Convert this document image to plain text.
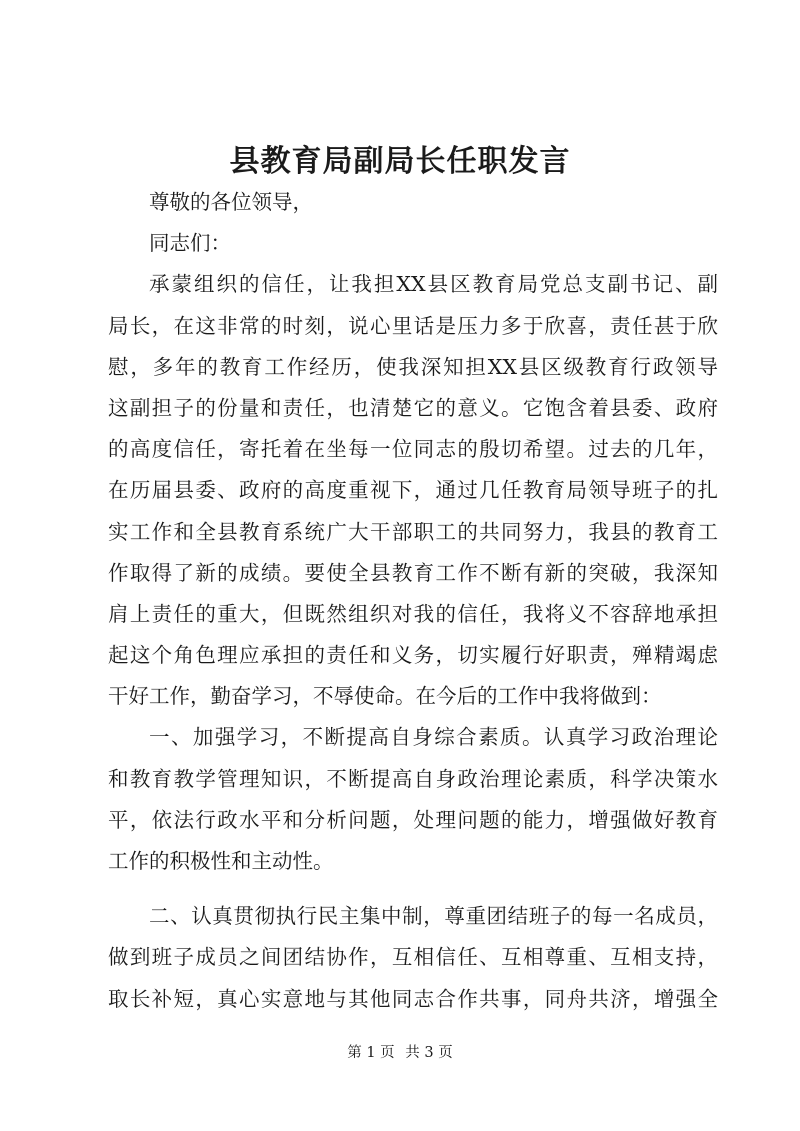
县教育局副局长任职发言
尊敬的各位领导，
同志们：
承蒙组织的信任，让我担XX县区教育局党总支副书记、副
局长，在这非常的时刻，说心里话是压力多于欣喜，责任甚于欣
慰，多年的教育工作经历，使我深知担XX县区级教育行政领导
这副担子的份量和责任，也清楚它的意义。它饱含着县委、政府
的高度信任，寄托着在坐每一位同志的殷切希望。过去的几年，
在历届县委、政府的高度重视下，通过几任教育局领导班子的扎
实工作和全县教育系统广大干部职工的共同努力，我县的教育工
作取得了新的成绩。要使全县教育工作不断有新的突破，我深知
肩上责任的重大，但既然组织对我的信任，我将义不容辞地承担
起这个角色理应承担的责任和义务，切实履行好职责，殚精竭虑
干好工作，勤奋学习，不辱使命。在今后的工作中我将做到：
一、加强学习，不断提高自身综合素质。认真学习政治理论
和教育教学管理知识，不断提高自身政治理论素质，科学决策水
平，依法行政水平和分析问题，处理问题的能力，增强做好教育
工作的积极性和主动性。
二、认真贯彻执行民主集中制，尊重团结班子的每一名成员，
做到班子成员之间团结协作，互相信任、互相尊重、互相支持，
取长补短，真心实意地与其他同志合作共事，同舟共济，增强全
第 1 页 共 3 页
